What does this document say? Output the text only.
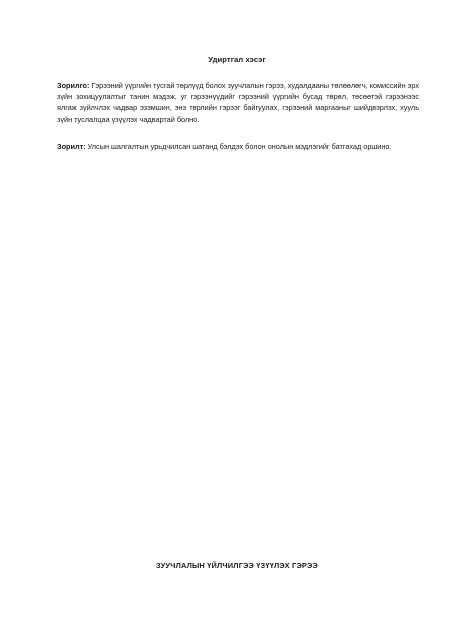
Удиртгал хэсэг
Зорилго: Гэрээний үүргийн тусгай төрлүүд болох зуучлалын гэрээ, худалдааны төлөөлөгч, комиссийн эрх зүйн зохицуулалтыг танин мэдэж, уг гэрээнүүдийг гэрээний үүргийн бусад төрөл, төсөөтэй гэрээнээс ялгаж зүйлчлэх чадвар эзэмшин, энэ төрлийн гэрээг байгуулах, гэрээний маргааныг шийдвэрлэх, хууль зүйн туслалцаа үзүүлэх чадвартай болно.
Зорилт: Улсын шалгалтын урьдчилсан шатанд бэлдэх болон онолын мэдлэгийг батгахад оршино.
ЗУУЧЛАЛЫН ҮЙЛЧИЛГЭЭ ҮЗҮҮЛЭХ ГЭРЭЭ
